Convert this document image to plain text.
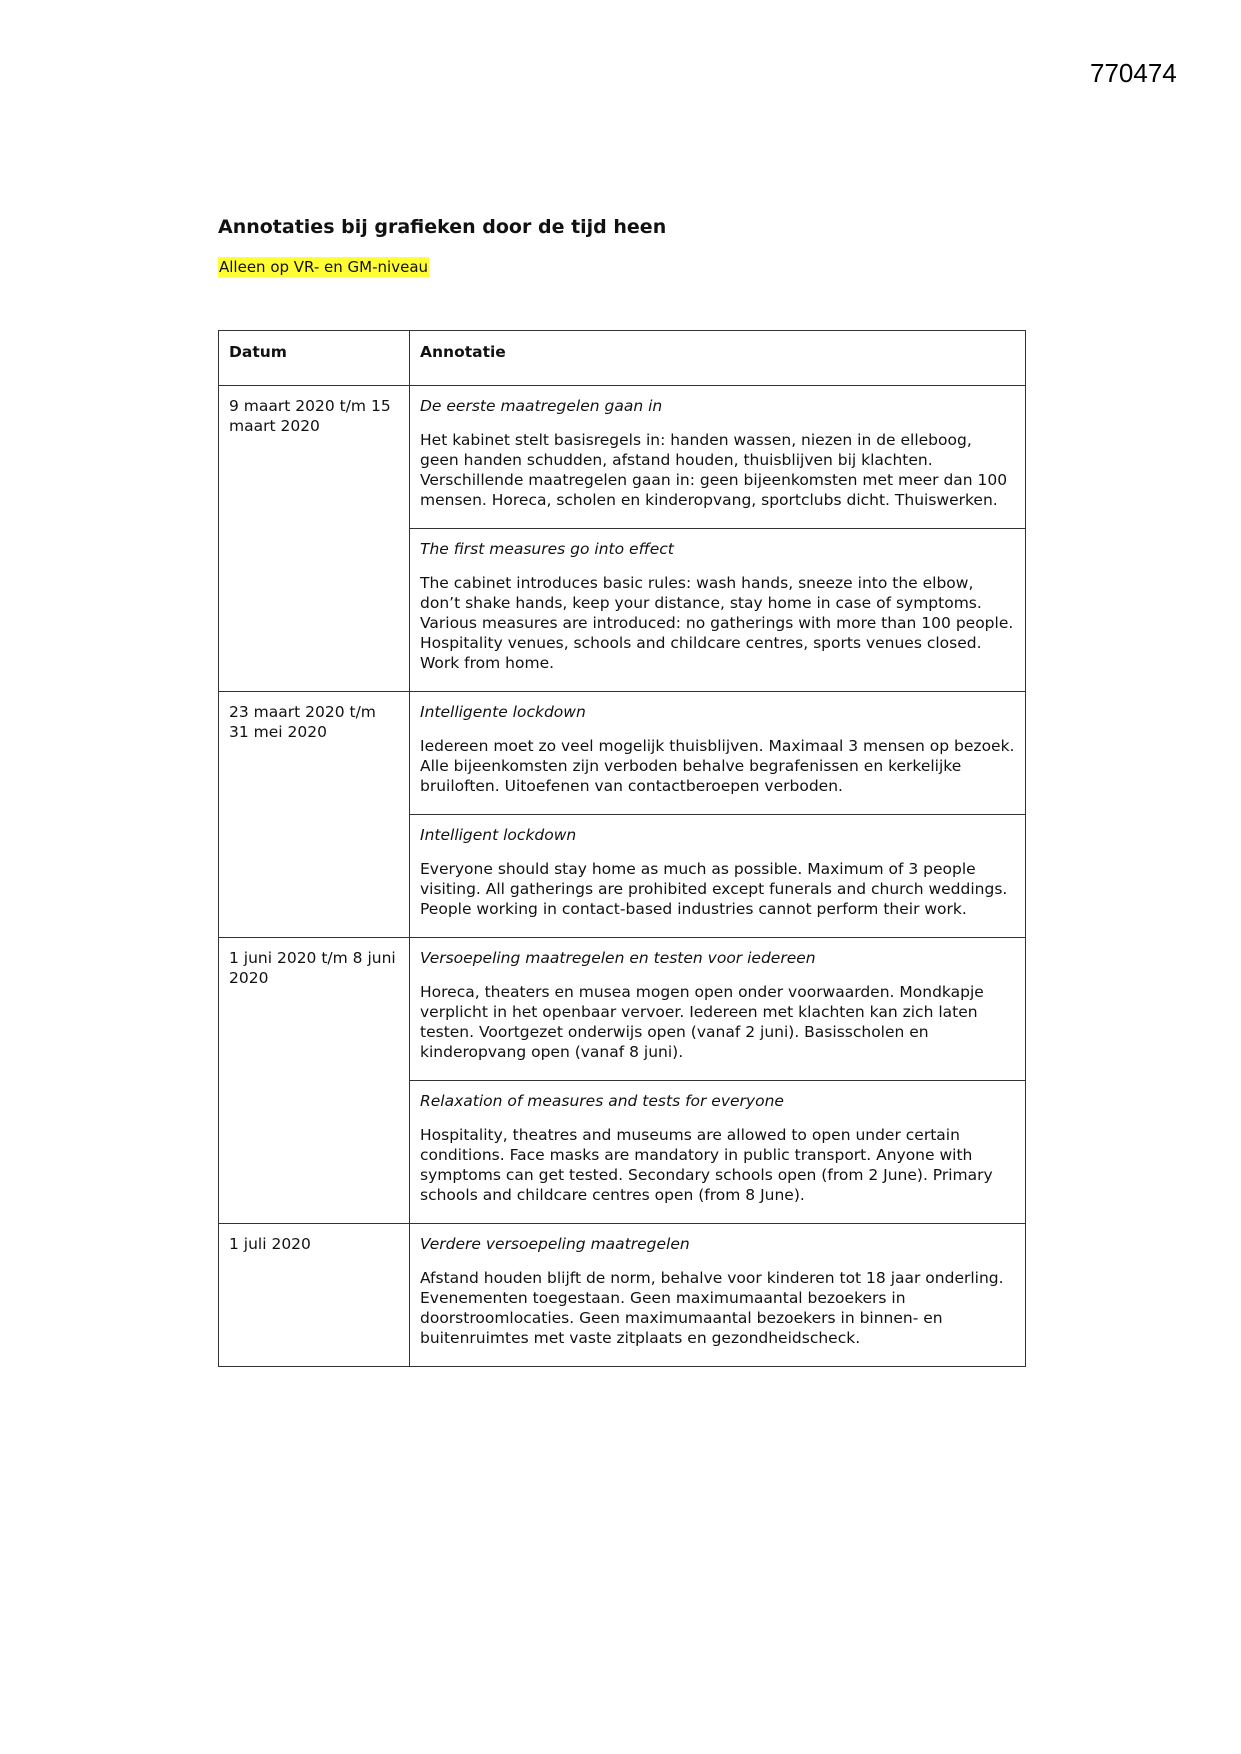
770474
Annotaties bij grafieken door de tijd heen
Alleen op VR- en GM-niveau
Datum	Annotatie
9 maart 2020 t/m 15 maart 2020	De eerste maatregelen gaan in

Het kabinet stelt basisregels in: handen wassen, niezen in de elleboog, geen handen schudden, afstand houden, thuisblijven bij klachten. Verschillende maatregelen gaan in: geen bijeenkomsten met meer dan 100 mensen. Horeca, scholen en kinderopvang, sportclubs dicht. Thuiswerken.

	The first measures go into effect

The cabinet introduces basic rules: wash hands, sneeze into the elbow, don’t shake hands, keep your distance, stay home in case of symptoms. Various measures are introduced: no gatherings with more than 100 people. Hospitality venues, schools and childcare centres, sports venues closed. Work from home.

23 maart 2020 t/m 31 mei 2020	Intelligente lockdown

Iedereen moet zo veel mogelijk thuisblijven. Maximaal 3 mensen op bezoek. Alle bijeenkomsten zijn verboden behalve begrafenissen en kerkelijke bruiloften. Uitoefenen van contactberoepen verboden.

	Intelligent lockdown

Everyone should stay home as much as possible. Maximum of 3 people visiting. All gatherings are prohibited except funerals and church weddings. People working in contact-based industries cannot perform their work.

1 juni 2020 t/m 8 juni 2020	Versoepeling maatregelen en testen voor iedereen

Horeca, theaters en musea mogen open onder voorwaarden. Mondkapje verplicht in het openbaar vervoer. Iedereen met klachten kan zich laten testen. Voortgezet onderwijs open (vanaf 2 juni). Basisscholen en kinderopvang open (vanaf 8 juni).

	Relaxation of measures and tests for everyone

Hospitality, theatres and museums are allowed to open under certain conditions. Face masks are mandatory in public transport. Anyone with symptoms can get tested. Secondary schools open (from 2 June). Primary schools and childcare centres open (from 8 June).

1 juli 2020	Verdere versoepeling maatregelen

Afstand houden blijft de norm, behalve voor kinderen tot 18 jaar onderling. Evenementen toegestaan. Geen maximumaantal bezoekers in doorstroomlocaties. Geen maximumaantal bezoekers in binnen- en buitenruimtes met vaste zitplaats en gezondheidscheck.
